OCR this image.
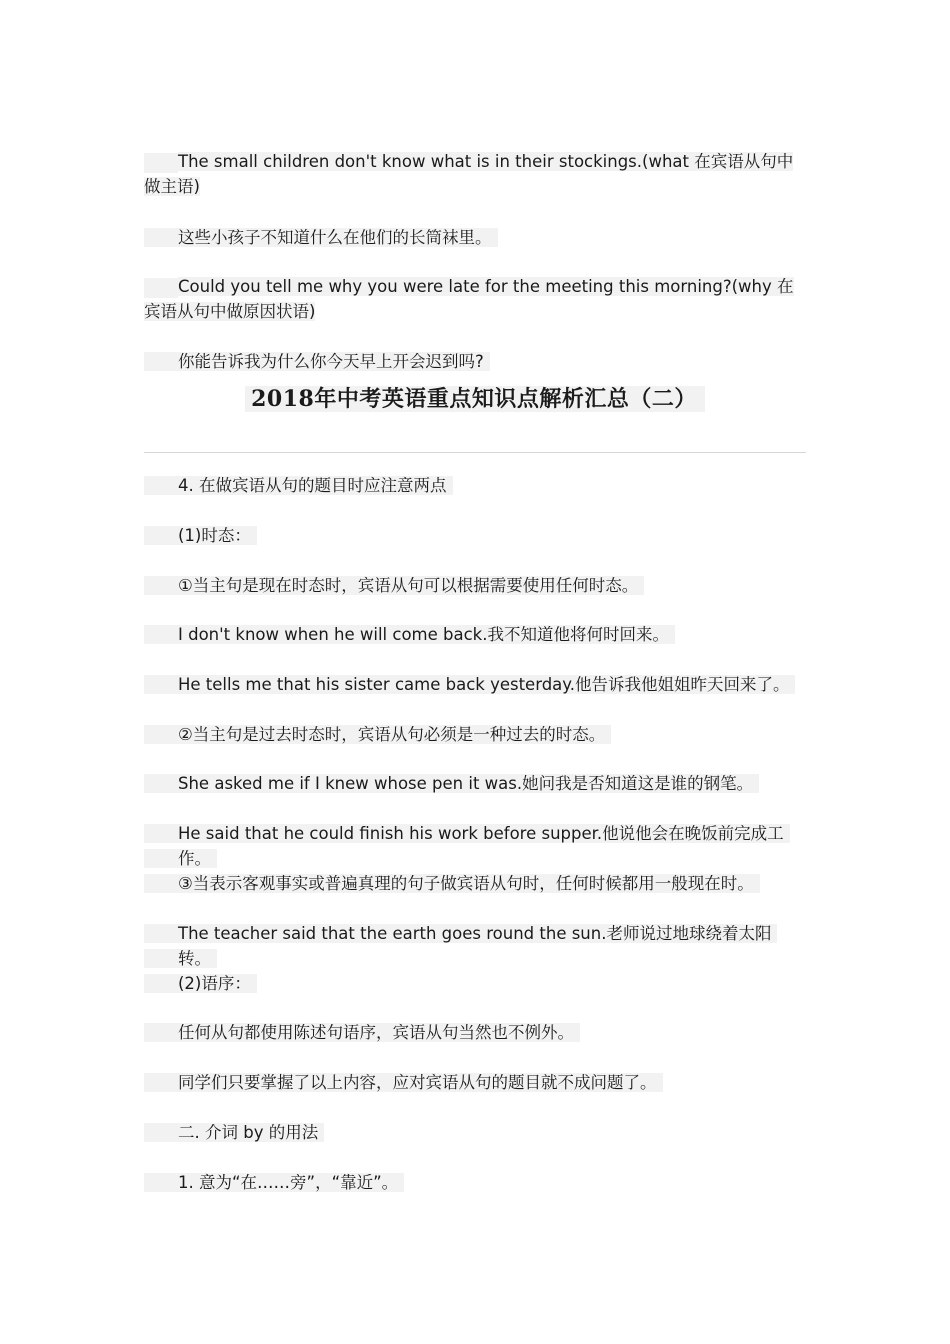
The small children don't know what is in their stockings.(what 在宾语从句中做主语)

这些小孩子不知道什么在他们的长筒袜里。

Could you tell me why you were late for the meeting this morning?(why 在宾语从句中做原因状语)

你能告诉我为什么你今天早上开会迟到吗?

2018年中考英语重点知识点解析汇总（二）

4. 在做宾语从句的题目时应注意两点

(1)时态：

①当主句是现在时态时，宾语从句可以根据需要使用任何时态。

I don't know when he will come back.我不知道他将何时回来。

He tells me that his sister came back yesterday.他告诉我他姐姐昨天回来了。

②当主句是过去时态时，宾语从句必须是一种过去的时态。

She asked me if I knew whose pen it was.她问我是否知道这是谁的钢笔。

He said that he could finish his work before supper.他说他会在晚饭前完成工作。

③当表示客观事实或普遍真理的句子做宾语从句时，任何时候都用一般现在时。

The teacher said that the earth goes round the sun.老师说过地球绕着太阳转。

(2)语序：

任何从句都使用陈述句语序，宾语从句当然也不例外。

同学们只要掌握了以上内容，应对宾语从句的题目就不成问题了。

二. 介词 by 的用法

1. 意为“在……旁”，“靠近”。
